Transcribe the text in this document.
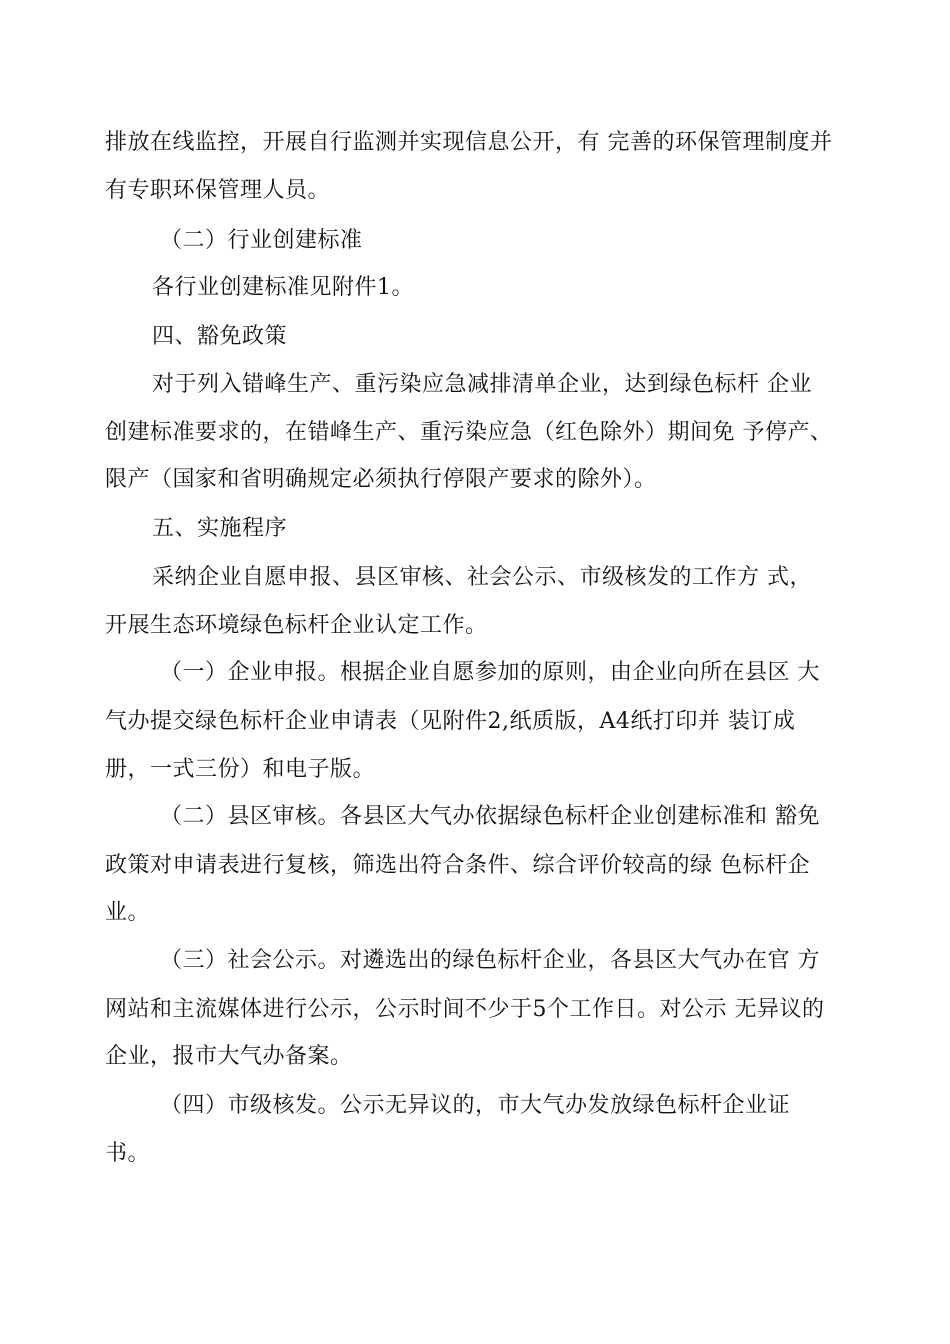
排放在线监控，开展自行监测并实现信息公开，有 完善的环保管理制度并
有专职环保管理人员。
（二）行业创建标准
各行业创建标准见附件1。
四、豁免政策
对于列入错峰生产、重污染应急减排清单企业，达到绿色标杆 企业
创建标准要求的，在错峰生产、重污染应急（红色除外）期间免 予停产、
限产（国家和省明确规定必须执行停限产要求的除外）。
五、实施程序
采纳企业自愿申报、县区审核、社会公示、市级核发的工作方 式，
开展生态环境绿色标杆企业认定工作。
（一）企业申报。根据企业自愿参加的原则，由企业向所在县区 大
气办提交绿色标杆企业申请表（见附件2,纸质版，A4纸打印并 装订成
册，一式三份）和电子版。
（二）县区审核。各县区大气办依据绿色标杆企业创建标准和 豁免
政策对申请表进行复核，筛选出符合条件、综合评价较高的绿 色标杆企
业。
（三）社会公示。对遴选出的绿色标杆企业，各县区大气办在官 方
网站和主流媒体进行公示，公示时间不少于5个工作日。对公示 无异议的
企业，报市大气办备案。
（四）市级核发。公示无异议的，市大气办发放绿色标杆企业证
书。
